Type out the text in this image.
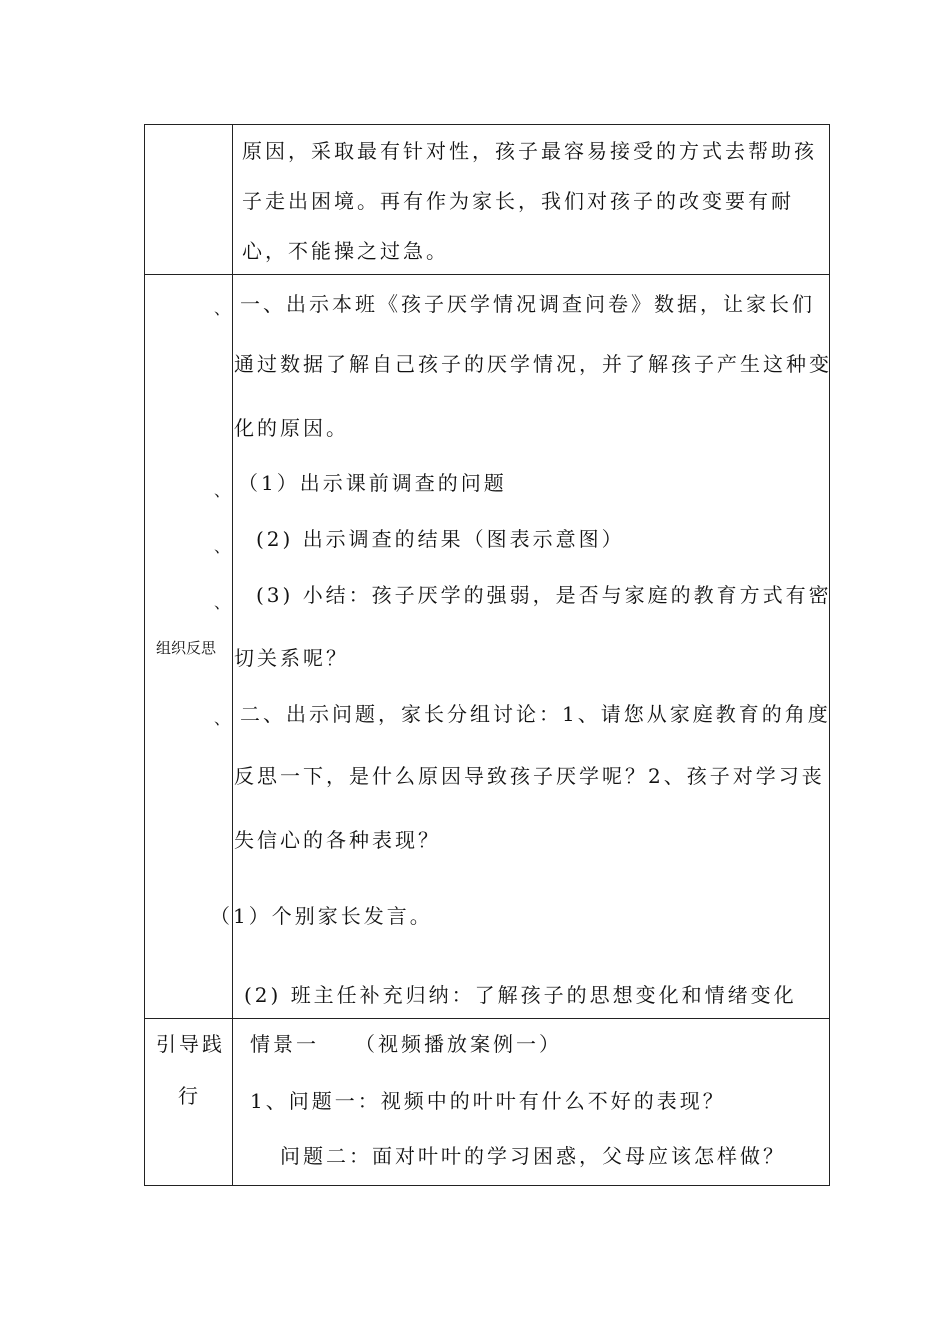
原因，采取最有针对性，孩子最容易接受的方式去帮助孩
子走出困境。再有作为家长，我们对孩子的改变要有耐
心，不能操之过急。
组织反思
、
、
、
、
、
一、出示本班《孩子厌学情况调查问卷》数据，让家长们
通过数据了解自己孩子的厌学情况，并了解孩子产生这种变
化的原因。
（1）出示课前调查的问题
(2) 出示调查的结果（图表示意图）
(3) 小结：孩子厌学的强弱，是否与家庭的教育方式有密
切关系呢？
二、出示问题，家长分组讨论：1、请您从家庭教育的角度
反思一下，是什么原因导致孩子厌学呢？2、孩子对学习丧
失信心的各种表现？
（1）个别家长发言。
(2) 班主任补充归纳：了解孩子的思想变化和情绪变化
引导践
行
情景一　　（视频播放案例一）
1、问题一：视频中的叶叶有什么不好的表现？
问题二：面对叶叶的学习困惑，父母应该怎样做？
